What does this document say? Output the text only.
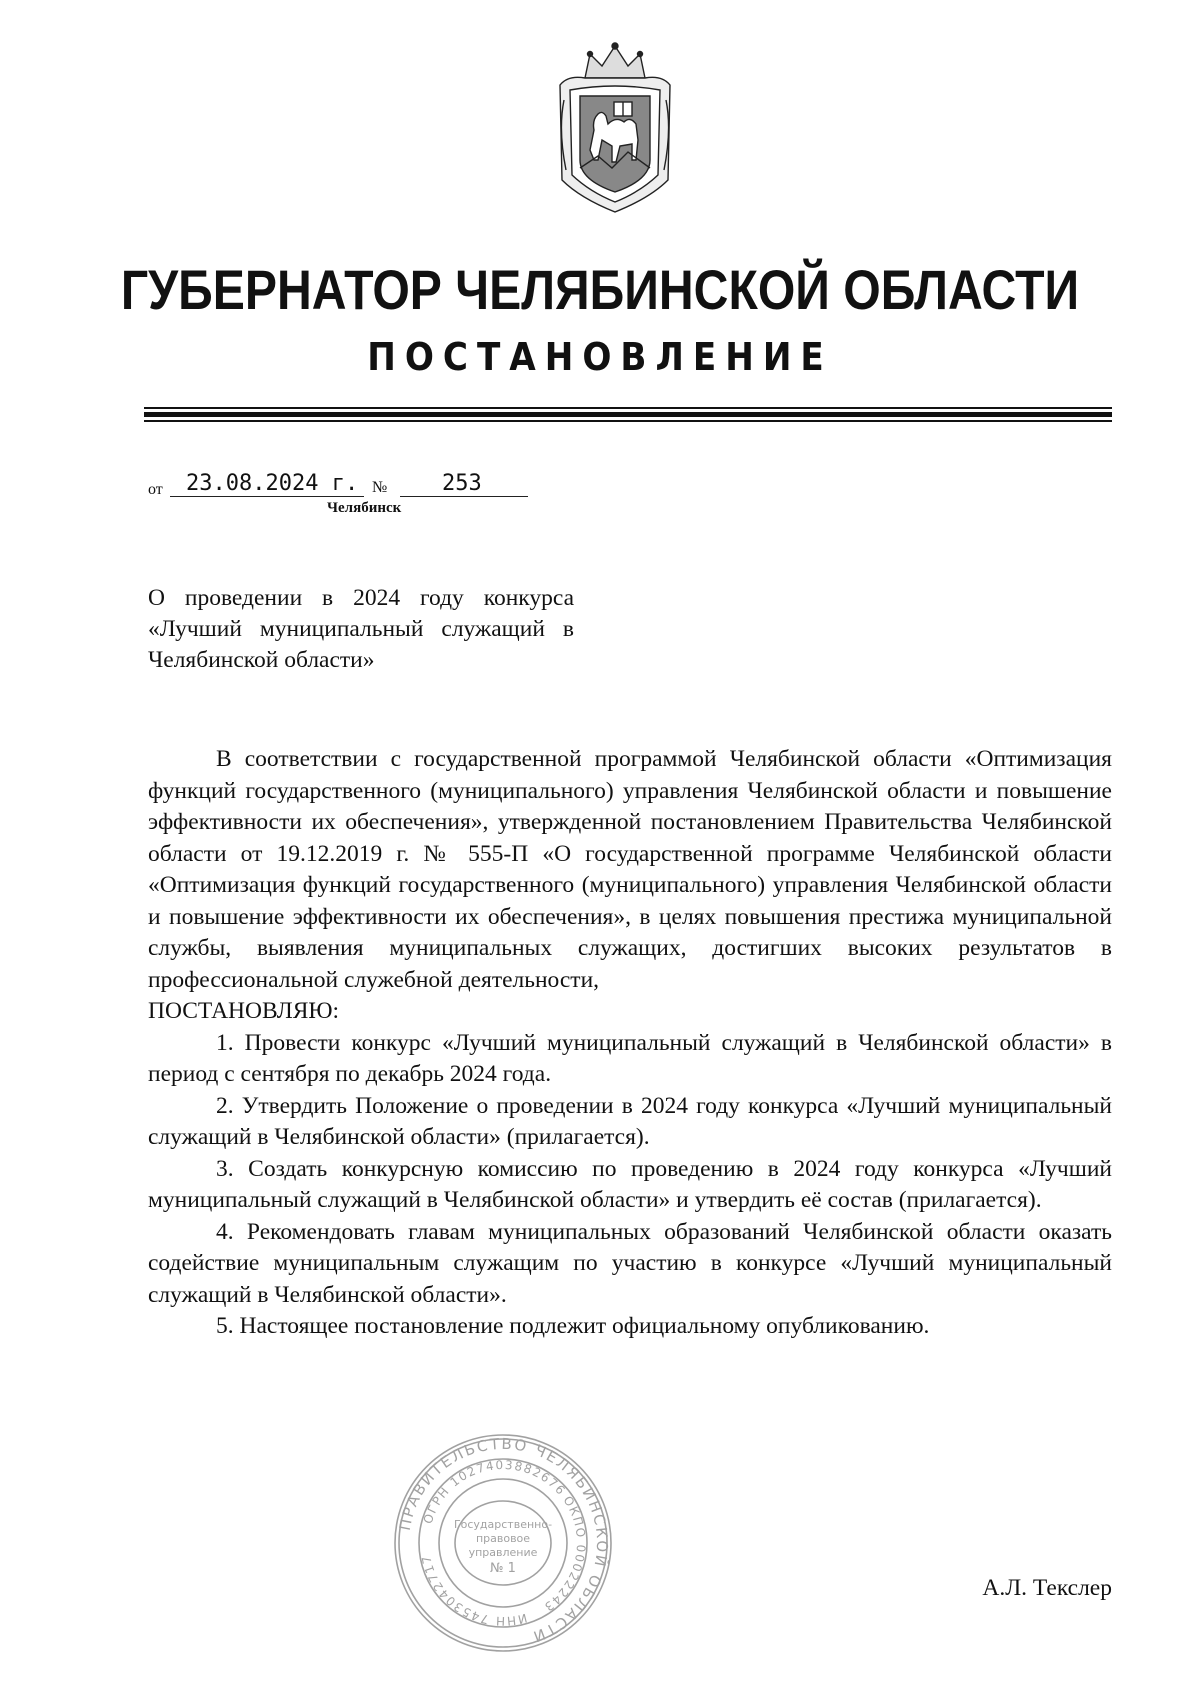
ГУБЕРНАТОР ЧЕЛЯБИНСКОЙ ОБЛАСТИ
ПОСТАНОВЛЕНИЕ
от	23.08.2024 г. №	253
Челябинск
О проведении в 2024 году конкурса «Лучший муниципальный служащий в Челябинской области»

В соответствии с государственной программой Челябинской области «Оптимизация функций государственного (муниципального) управления Челябинской области и повышение эффективности их обеспечения», утвержденной постановлением Правительства Челябинской области от 19.12.2019 г. № 555-П «О государственной программе Челябинской области «Оптимизация функций государственного (муниципального) управления Челябинской области и повышение эффективности их обеспечения», в целях повышения престижа муниципальной службы, выявления муниципальных служащих, достигших высоких результатов в профессиональной служебной деятельности,

ПОСТАНОВЛЯЮ:

1. Провести конкурс «Лучший муниципальный служащий в Челябинской области» в период с сентября по декабрь 2024 года.

2. Утвердить Положение о проведении в 2024 году конкурса «Лучший муниципальный служащий в Челябинской области» (прилагается).

3. Создать конкурсную комиссию по проведению в 2024 году конкурса «Лучший муниципальный служащий в Челябинской области» и утвердить её состав (прилагается).

4. Рекомендовать главам муниципальных образований Челябинской области оказать содействие муниципальным служащим по участию в конкурсе «Лучший муниципальный служащий в Челябинской области».

5. Настоящее постановление подлежит официальному опубликованию.

ПРАВИТЕЛЬСТВО ЧЕЛЯБИНСКОЙ ОБЛАСТИ
ОГРН 1027403882676
ОКПО 00022243
ИНН 7453042717
Государственно-
правовое
управление
№ 1
А.Л. Текслер
